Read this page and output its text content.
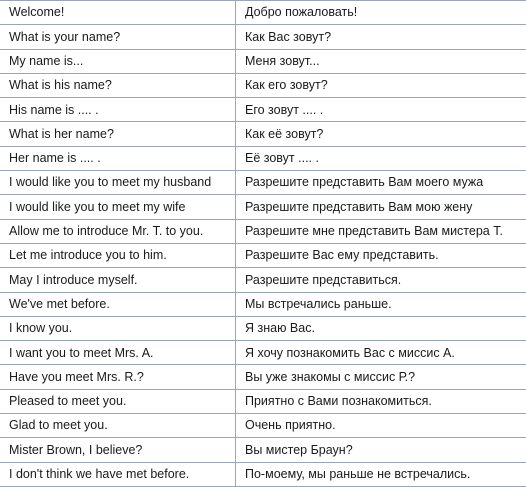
Welcome!	Добро пожаловать!
What is your name?	Как Вас зовут?
My name is...	Меня зовут...
What is his name?	Как его зовут?
His name is .... .	Его зовут .... .
What is her name?	Как её зовут?
Her name is .... .	Её зовут .... .
I would like you to meet my husband	Разрешите представить Вам моего мужа
I would like you to meet my wife	Разрешите представить Вам мою жену
Allow me to introduce Mr. T. to you.	Разрешите мне представить Вам мистера Т.
Let me introduce you to him.	Разрешите Вас ему представить.
May I introduce myself.	Разрешите представиться.
We've met before.	Мы встречались раньше.
I know you.	Я знаю Вас.
I want you to meet Mrs. A.	Я хочу познакомить Вас с миссис А.
Have you meet Mrs. R.?	Вы уже знакомы с миссис Р.?
Pleased to meet you.	Приятно с Вами познакомиться.
Glad to meet you.	Очень приятно.
Mister Brown, I believe?	Вы мистер Браун?
I don't think we have met before.	По-моему, мы раньше не встречались.
